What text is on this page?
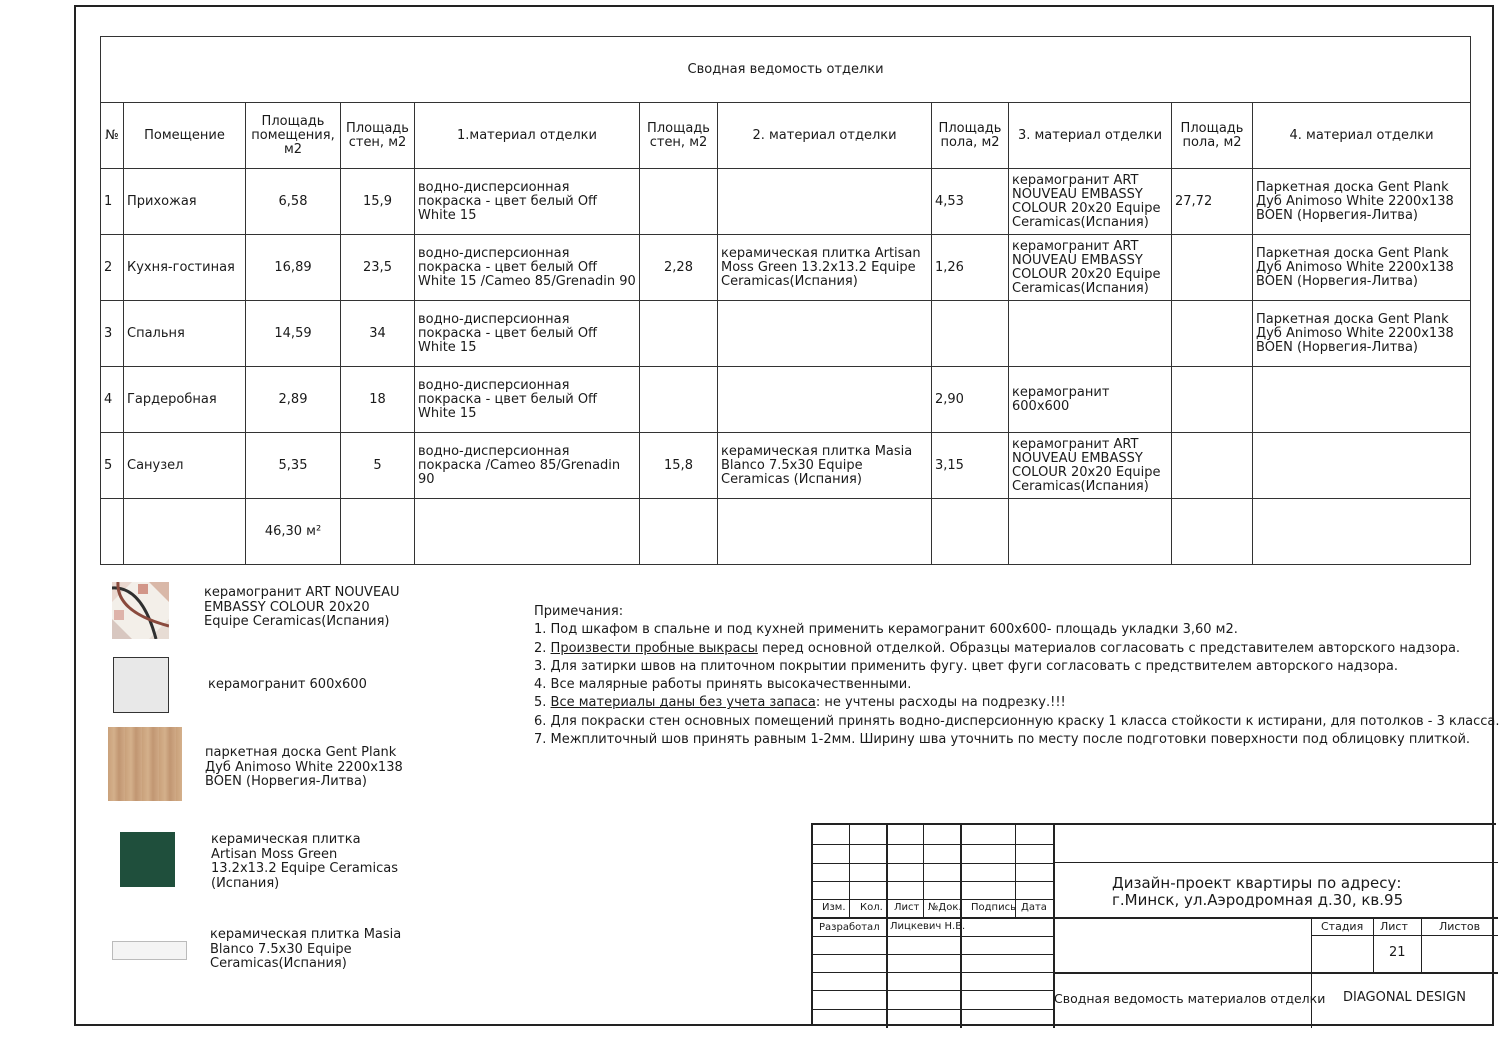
Сводная ведомость отделки										
№	Помещение	Площадь помещения, м2	Площадь стен, м2	1.материал отделки	Площадь стен, м2	2. материал отделки	Площадь пола, м2	3. материал отделки	Площадь пола, м2	4. материал отделки
1	Прихожая	6,58	15,9	водно-дисперсионная покраска - цвет белый Off White 15			4,53	керамогранит ART NOUVEAU EMBASSY COLOUR 20x20 Equipe Ceramicas(Испания)	27,72	Паркетная доска Gent Plank Дуб Animoso White 2200х138 BOEN (Норвегия-Литва)
2	Кухня-гостиная	16,89	23,5	водно-дисперсионная покраска - цвет белый Off White 15 /Cameo 85/Grenadin 90	2,28	керамическая плитка Artisan Moss Green 13.2x13.2 Equipe Ceramicas(Испания)	1,26	керамогранит ART NOUVEAU EMBASSY COLOUR 20x20 Equipe Ceramicas(Испания)		Паркетная доска Gent Plank Дуб Animoso White 2200х138 BOEN (Норвегия-Литва)
3	Спальня	14,59	34	водно-дисперсионная покраска - цвет белый Off White 15						Паркетная доска Gent Plank Дуб Animoso White 2200х138 BOEN (Норвегия-Литва)
4	Гардеробная	2,89	18	водно-дисперсионная покраска - цвет белый Off White 15			2,90	керамогранит 600х600		
5	Санузел	5,35	5	водно-дисперсионная покраска /Cameo 85/Grenadin 90	15,8	керамическая плитка Masia Blanco 7.5x30 Equipe Ceramicas (Испания)	3,15	керамогранит ART NOUVEAU EMBASSY COLOUR 20x20 Equipe Ceramicas(Испания)		
		46,30 м²								
керамогранит ART NOUVEAU EMBASSY COLOUR 20x20 Equipe Ceramicas(Испания)
керамогранит 600х600
паркетная доска Gent Plank Дуб Animoso White 2200х138 BOEN (Норвегия-Литва)
керамическая плитка Artisan Moss Green 13.2x13.2 Equipe Ceramicas (Испания)
керамическая плитка Masia Blanco 7.5x30 Equipe Ceramicas(Испания)
Примечания:
1. Под шкафом в спальне и под кухней применить керамогранит 600х600- площадь укладки 3,60 м2.
2. Произвести пробные выкрасы перед основной отделкой. Образцы материалов согласовать с представителем авторского надзора.
3. Для затирки швов на плиточном покрытии применить фугу. цвет фуги согласовать с предствителем авторского надзора.
4. Все малярные работы принять высокачественными.
5. Все материалы даны без учета запаса: не учтены расходы на подрезку.!!!
6. Для покраски стен основных помещений принять водно-дисперсионную краску 1 класса стойкости к истирани, для потолков - 3 класса.
7. Межплиточный шов принять равным 1-2мм. Ширину шва уточнить по месту после подготовки поверхности под облицовку плиткой.
Изм. Кол. Лист №Док. Подпись Дата
Разработал Лицкевич Н.В.
Дизайн-проект квартиры по адресу:
г.Минск, ул.Аэродромная д.30, кв.95
Стадия Лист	Листов
21
Сводная ведомость материалов отделки DIAGONAL DESIGN
